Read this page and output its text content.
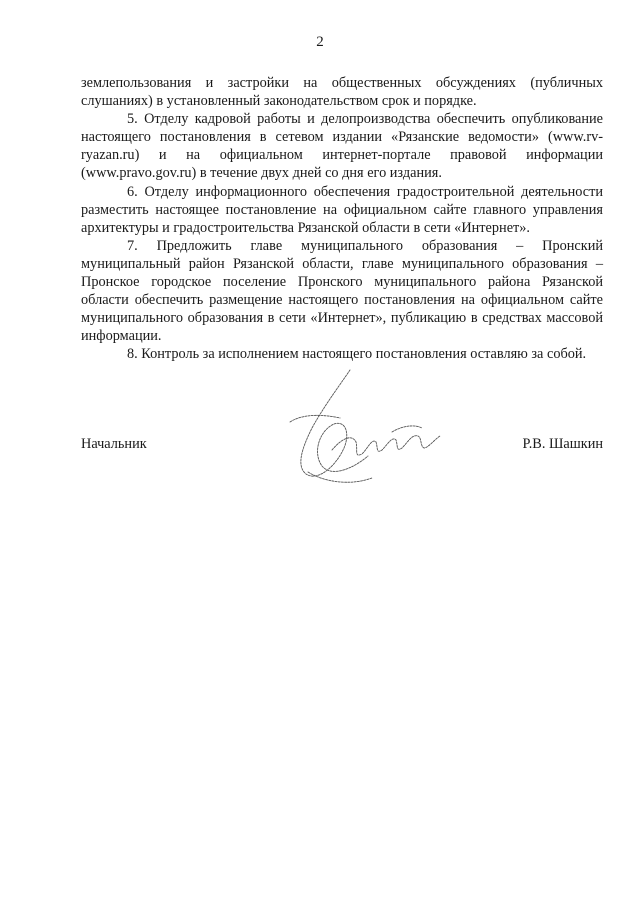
2

землепользования и застройки на общественных обсуждениях (публичных слушаниях) в установленный законодательством срок и порядке.

5. Отделу кадровой работы и делопроизводства обеспечить опубликование настоящего постановления в сетевом издании «Рязанские ведомости» (www.rv-ryazan.ru) и на официальном интернет-портале правовой информации (www.pravo.gov.ru) в течение двух дней со дня его издания.

6. Отделу информационного обеспечения градостроительной деятельности разместить настоящее постановление на официальном сайте главного управления архитектуры и градостроительства Рязанской области в сети «Интернет».

7. Предложить главе муниципального образования – Пронский муниципальный район Рязанской области, главе муниципального образования – Пронское городское поселение Пронского муниципального района Рязанской области обеспечить размещение настоящего постановления на официальном сайте муниципального образования в сети «Интернет», публикацию в средствах массовой информации.

8. Контроль за исполнением настоящего постановления оставляю за собой.

Начальник	Р.В. Шашкин
